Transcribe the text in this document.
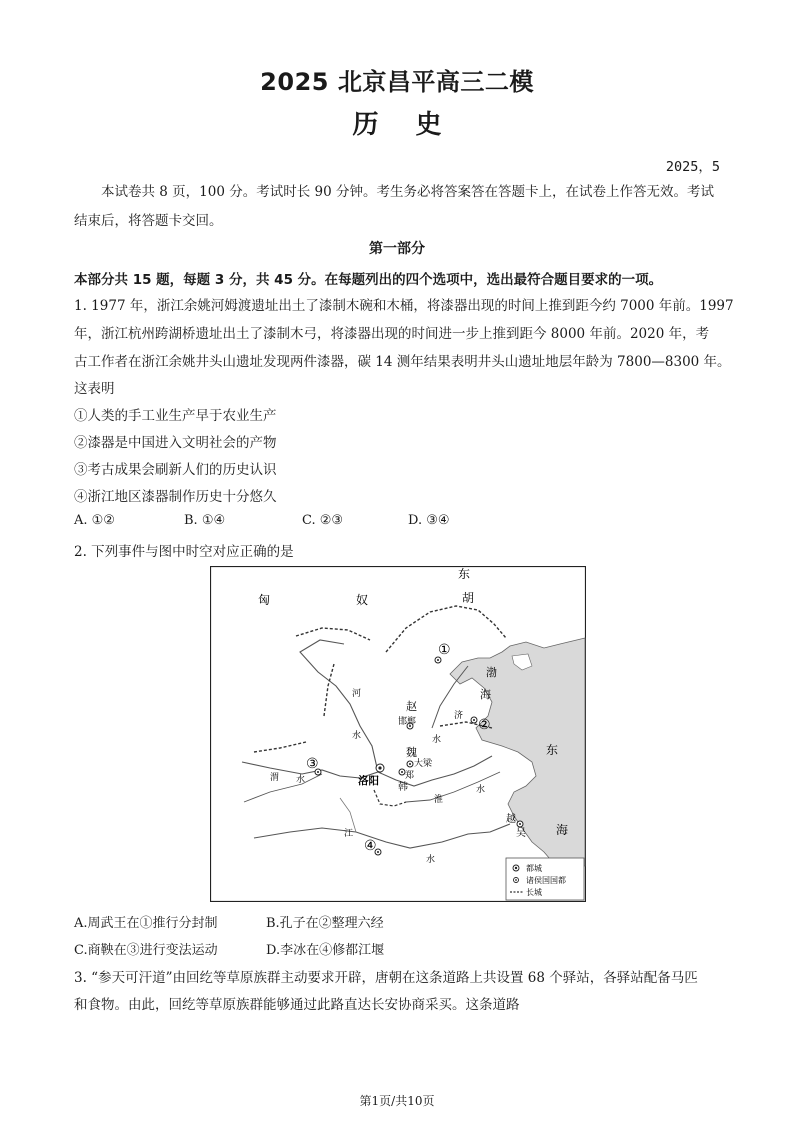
2025 北京昌平高三二模
历 史
2025，5
本试卷共 8 页，100 分。考试时长 90 分钟。考生务必将答案答在答题卡上，在试卷上作答无效。考试
结束后，将答题卡交回。
第一部分
本部分共 15 题，每题 3 分，共 45 分。在每题列出的四个选项中，选出最符合题目要求的一项。
1. 1977 年，浙江余姚河姆渡遗址出土了漆制木碗和木桶，将漆器出现的时间上推到距今约 7000 年前。1997
年，浙江杭州跨湖桥遗址出土了漆制木弓，将漆器出现的时间进一步上推到距今 8000 年前。2020 年，考
古工作者在浙江余姚井头山遗址发现两件漆器，碳 14 测年结果表明井头山遗址地层年龄为 7800—8300 年。
这表明
①人类的手工业生产早于农业生产
②漆器是中国进入文明社会的产物
③考古成果会刷新人们的历史认识
④浙江地区漆器制作历史十分悠久
A. ①②	B. ①④	C. ②③	D. ③④
2. 下列事件与图中时空对应正确的是
匈	奴
东
胡
渤
海
东
海
赵
邯郸
魏
大梁
郑
韩
洛阳
越
吴
河
水
济
水
渭 水
江
水
淮
水
①
②
③
④
都城
诸侯国国都
长城
A.周武王在①推行分封制	B.孔子在②整理六经
C.商鞅在③进行变法运动	D.李冰在④修都江堰
3. “参天可汗道”由回纥等草原族群主动要求开辟，唐朝在这条道路上共设置 68 个驿站，各驿站配备马匹
和食物。由此，回纥等草原族群能够通过此路直达长安协商采买。这条道路
第1页/共10页
